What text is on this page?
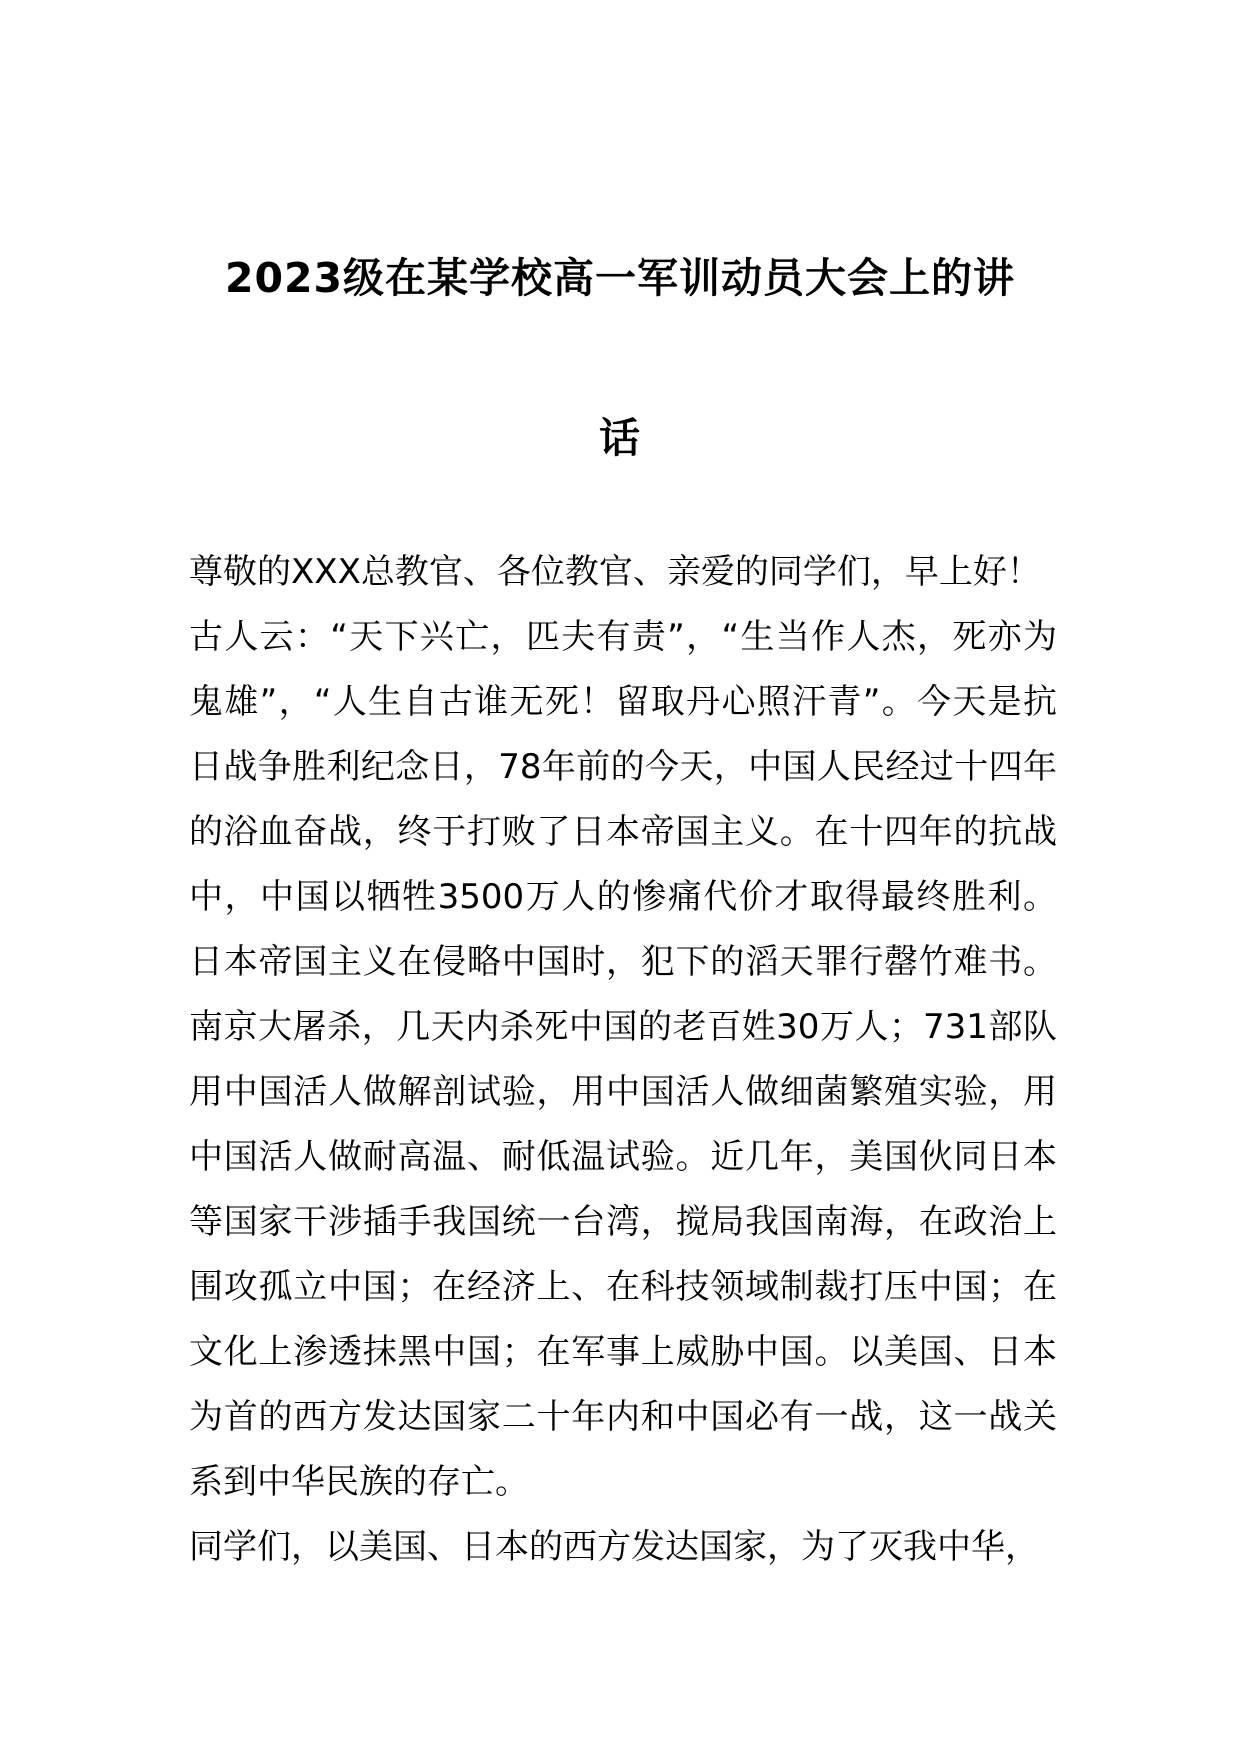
2023级在某学校高一军训动员大会上的讲
话

尊敬的XXX总教官、各位教官、亲爱的同学们，早上好！

古人云：“天下兴亡，匹夫有责”，“生当作人杰，死亦为鬼雄”，“人生自古谁无死！留取丹心照汗青”。今天是抗日战争胜利纪念日，78年前的今天，中国人民经过十四年的浴血奋战，终于打败了日本帝国主义。在十四年的抗战中，中国以牺牲3500万人的惨痛代价才取得最终胜利。日本帝国主义在侵略中国时，犯下的滔天罪行罄竹难书。南京大屠杀，几天内杀死中国的老百姓30万人；731部队用中国活人做解剖试验，用中国活人做细菌繁殖实验，用中国活人做耐高温、耐低温试验。近几年，美国伙同日本等国家干涉插手我国统一台湾，搅局我国南海，在政治上围攻孤立中国；在经济上、在科技领域制裁打压中国；在文化上渗透抹黑中国；在军事上威胁中国。以美国、日本为首的西方发达国家二十年内和中国必有一战，这一战关系到中华民族的存亡。

同学们，以美国、日本的西方发达国家，为了灭我中华，
